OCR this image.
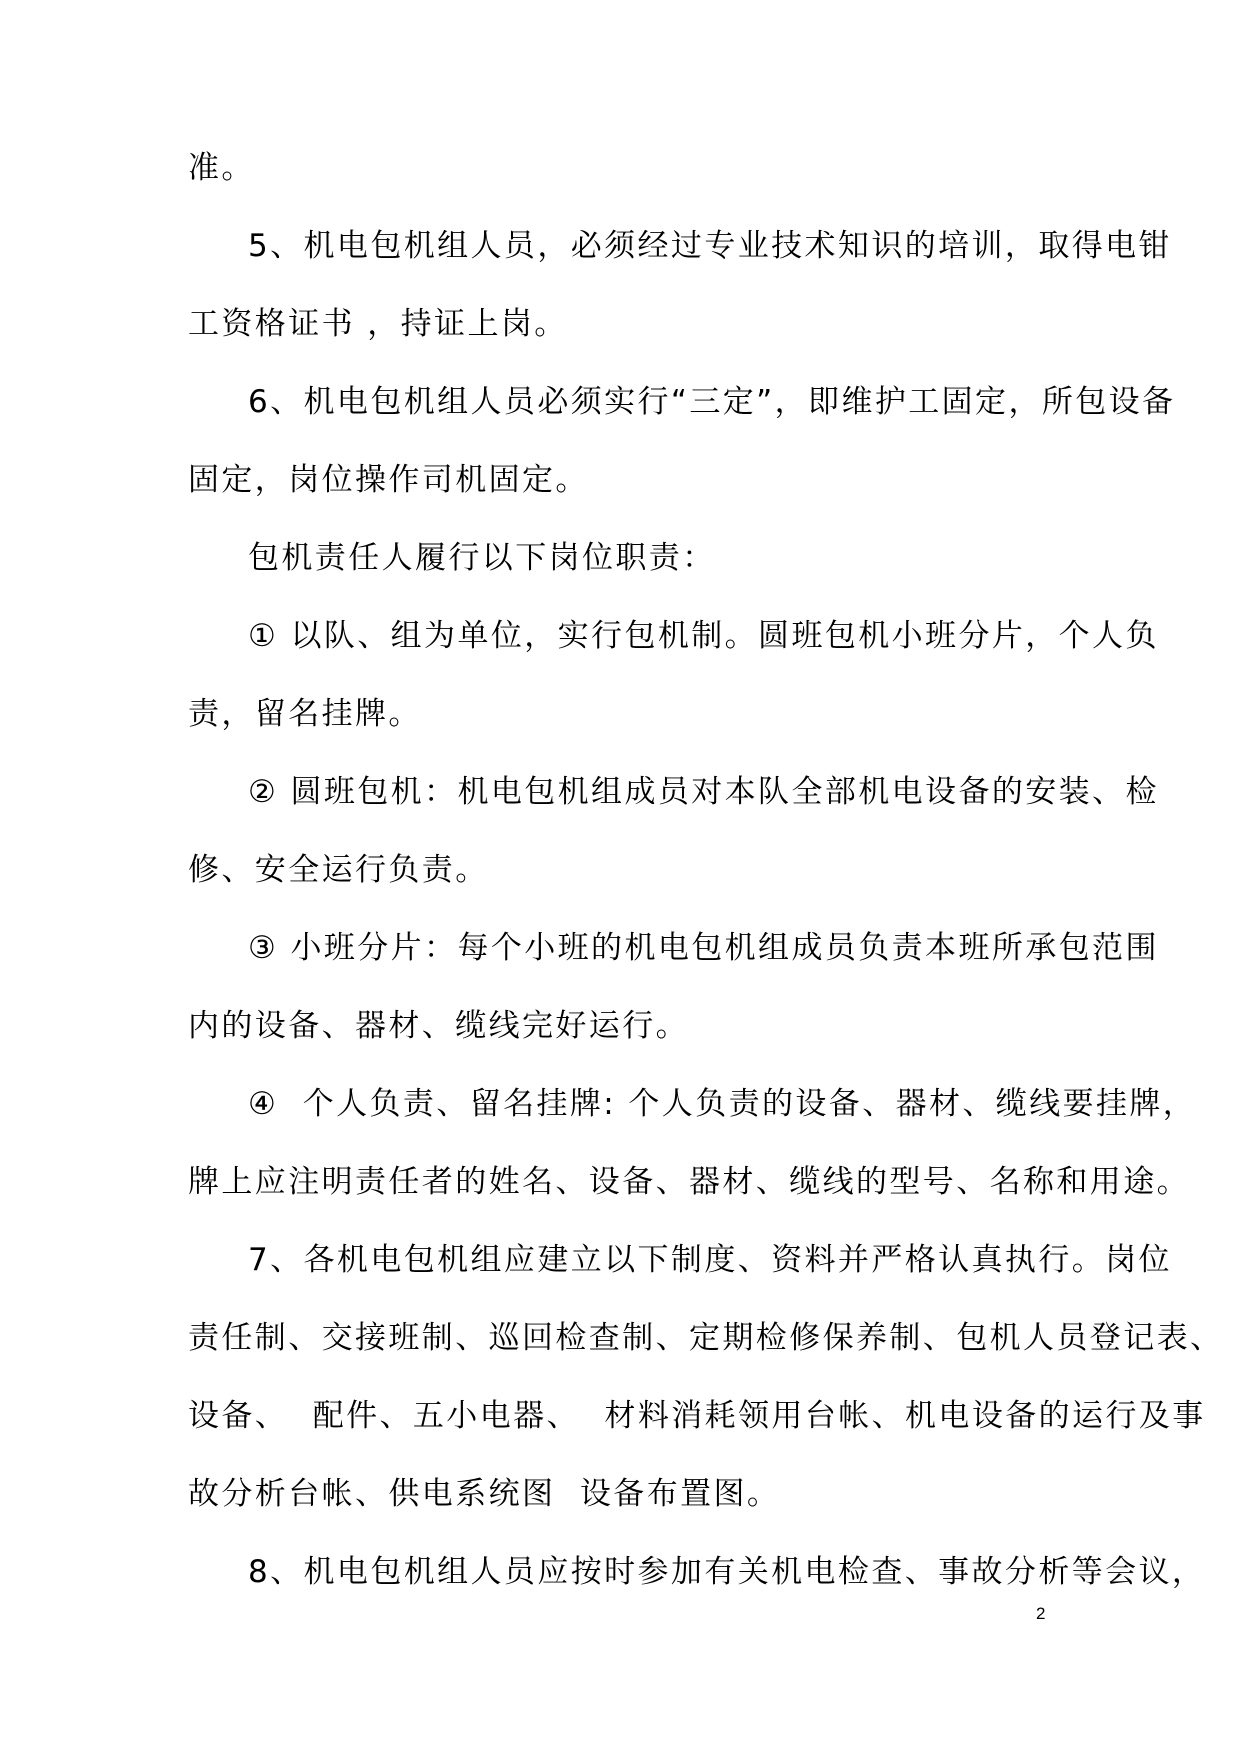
准。
5、机电包机组人员，必须经过专业技术知识的培训，取得电钳
工资格证书 ，持证上岗。
6、机电包机组人员必须实行“三定”，即维护工固定，所包设备
固定，岗位操作司机固定。
包机责任人履行以下岗位职责：
① 以队、组为单位，实行包机制。圆班包机小班分片，个人负
责，留名挂牌。
② 圆班包机：机电包机组成员对本队全部机电设备的安装、检
修、安全运行负责。
③ 小班分片：每个小班的机电包机组成员负责本班所承包范围
内的设备、器材、缆线完好运行。
④  个人负责、留名挂牌: 个人负责的设备、器材、缆线要挂牌，
牌上应注明责任者的姓名、设备、器材、缆线的型号、名称和用途。
7、各机电包机组应建立以下制度、资料并严格认真执行。岗位
责任制、交接班制、巡回检查制、定期检修保养制、包机人员登记表、
设备、  配件、五小电器、  材料消耗领用台帐、机电设备的运行及事
故分析台帐、供电系统图  设备布置图。
8、机电包机组人员应按时参加有关机电检查、事故分析等会议，
2
